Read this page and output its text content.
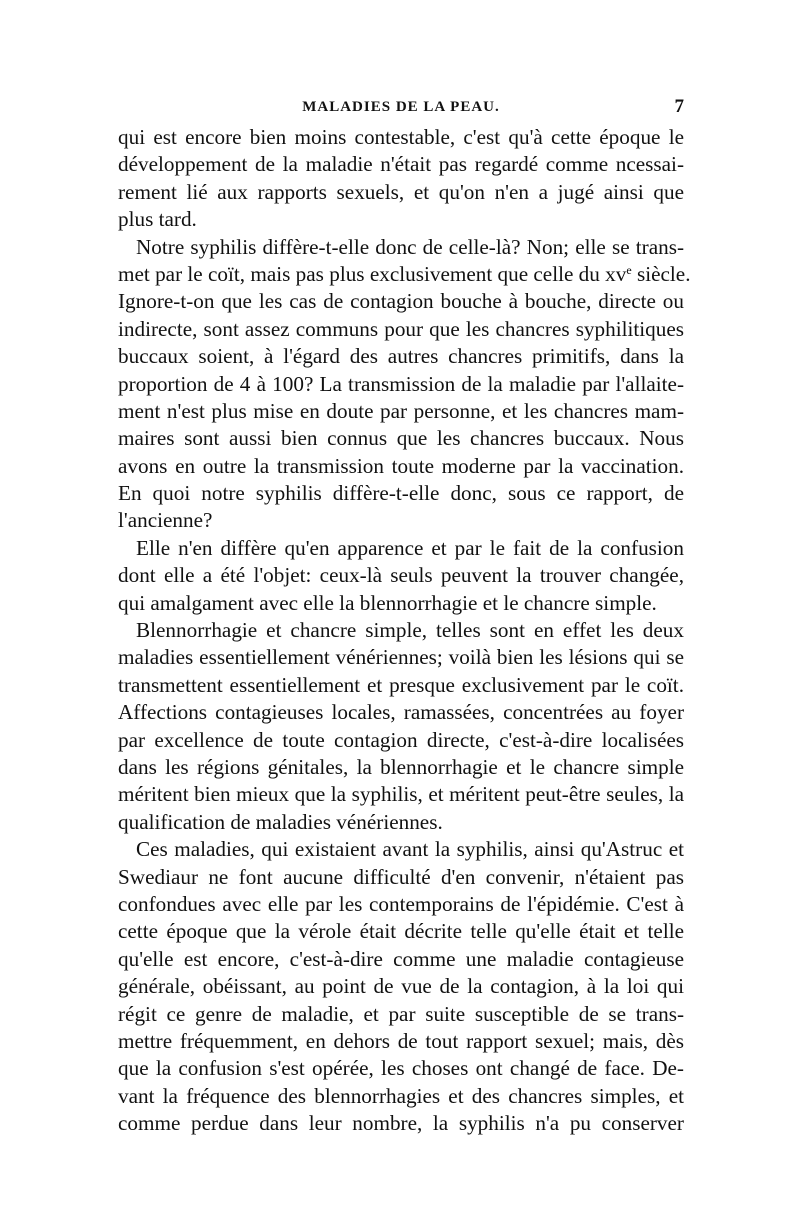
MALADIES DE LA PEAU.	7
qui est encore bien moins contestable, c'est qu'à cette époque le
développement de la maladie n'était pas regardé comme ncessai-
rement lié aux rapports sexuels, et qu'on n'en a jugé ainsi que
plus tard.
Notre syphilis diffère-t-elle donc de celle-là? Non; elle se trans-
met par le coït, mais pas plus exclusivement que celle du $xv^e$ siècle.
Ignore-t-on que les cas de contagion bouche à bouche, directe ou
indirecte, sont assez communs pour que les chancres syphilitiques
buccaux soient, à l'égard des autres chancres primitifs, dans la
proportion de 4 à 100? La transmission de la maladie par l'allaite-
ment n'est plus mise en doute par personne, et les chancres mam-
maires sont aussi bien connus que les chancres buccaux. Nous
avons en outre la transmission toute moderne par la vaccination.
En quoi notre syphilis diffère-t-elle donc, sous ce rapport, de
l'ancienne?
Elle n'en diffère qu'en apparence et par le fait de la confusion
dont elle a été l'objet: ceux-là seuls peuvent la trouver changée,
qui amalgament avec elle la blennorrhagie et le chancre simple.
Blennorrhagie et chancre simple, telles sont en effet les deux
maladies essentiellement vénériennes; voilà bien les lésions qui se
transmettent essentiellement et presque exclusivement par le coït.
Affections contagieuses locales, ramassées, concentrées au foyer
par excellence de toute contagion directe, c'est-à-dire localisées
dans les régions génitales, la blennorrhagie et le chancre simple
méritent bien mieux que la syphilis, et méritent peut-être seules, la
qualification de maladies vénériennes.
Ces maladies, qui existaient avant la syphilis, ainsi qu'Astruc et
Swediaur ne font aucune difficulté d'en convenir, n'étaient pas
confondues avec elle par les contemporains de l'épidémie. C'est à
cette époque que la vérole était décrite telle qu'elle était et telle
qu'elle est encore, c'est-à-dire comme une maladie contagieuse
générale, obéissant, au point de vue de la contagion, à la loi qui
régit ce genre de maladie, et par suite susceptible de se trans-
mettre fréquemment, en dehors de tout rapport sexuel; mais, dès
que la confusion s'est opérée, les choses ont changé de face. De-
vant la fréquence des blennorrhagies et des chancres simples, et
comme perdue dans leur nombre, la syphilis n'a pu conserver
